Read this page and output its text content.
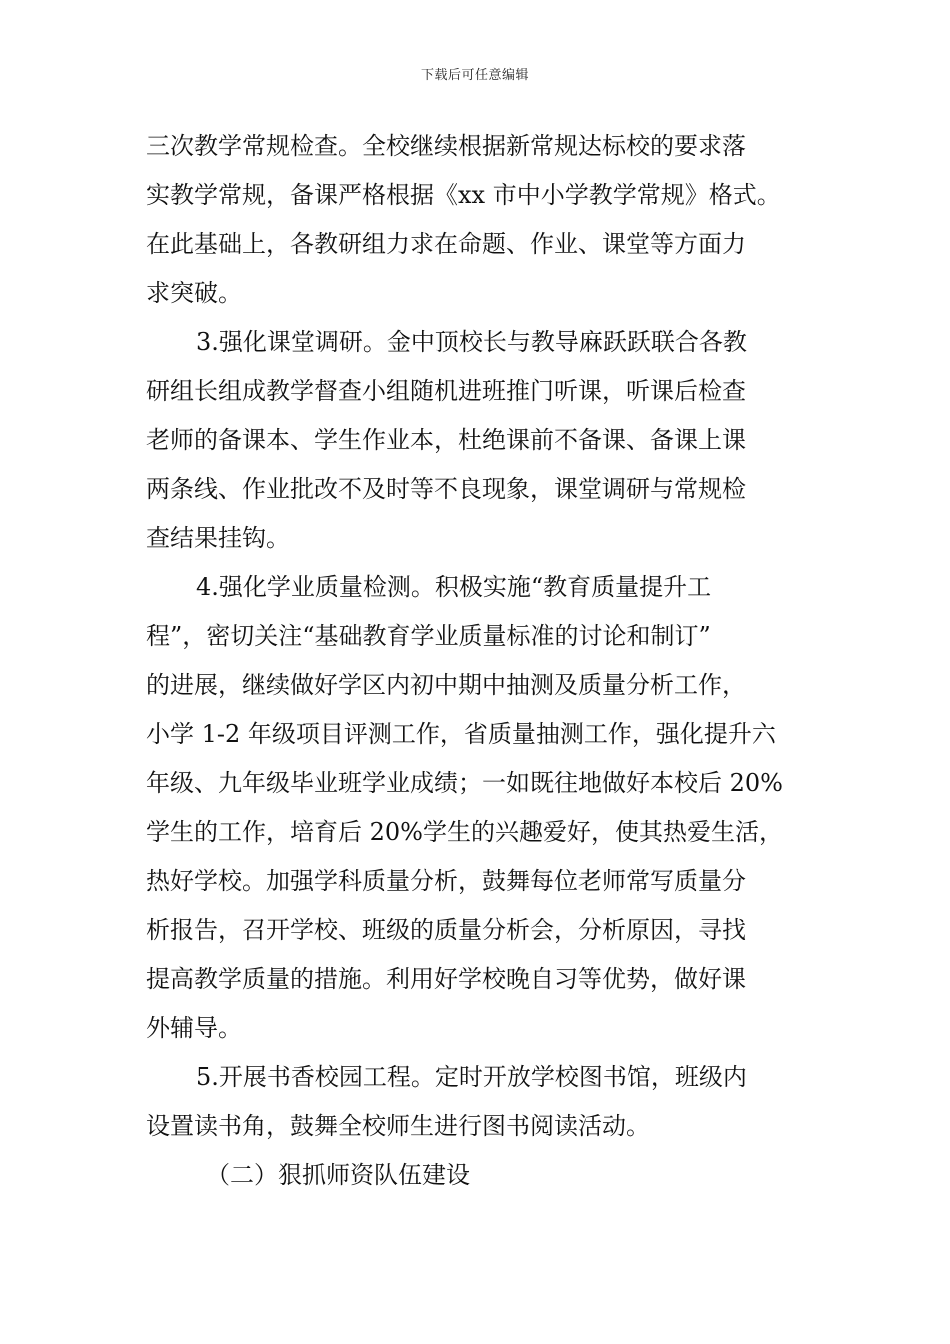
下载后可任意编辑
三次教学常规检查。全校继续根据新常规达标校的要求落
实教学常规，备课严格根据《xx 市中小学教学常规》格式。
在此基础上，各教研组力求在命题、作业、课堂等方面力
求突破。
3.强化课堂调研。金中顶校长与教导麻跃跃联合各教
研组长组成教学督查小组随机进班推门听课，听课后检查
老师的备课本、学生作业本，杜绝课前不备课、备课上课
两条线、作业批改不及时等不良现象，课堂调研与常规检
查结果挂钩。
4.强化学业质量检测。积极实施“教育质量提升工
程”，密切关注“基础教育学业质量标准的讨论和制订”
的进展，继续做好学区内初中期中抽测及质量分析工作，
小学 1-2 年级项目评测工作，省质量抽测工作，强化提升六
年级、九年级毕业班学业成绩；一如既往地做好本校后 20%
学生的工作，培育后 20%学生的兴趣爱好，使其热爱生活，
热好学校。加强学科质量分析，鼓舞每位老师常写质量分
析报告，召开学校、班级的质量分析会，分析原因，寻找
提高教学质量的措施。利用好学校晚自习等优势，做好课
外辅导。
5.开展书香校园工程。定时开放学校图书馆，班级内
设置读书角，鼓舞全校师生进行图书阅读活动。
（二）狠抓师资队伍建设
